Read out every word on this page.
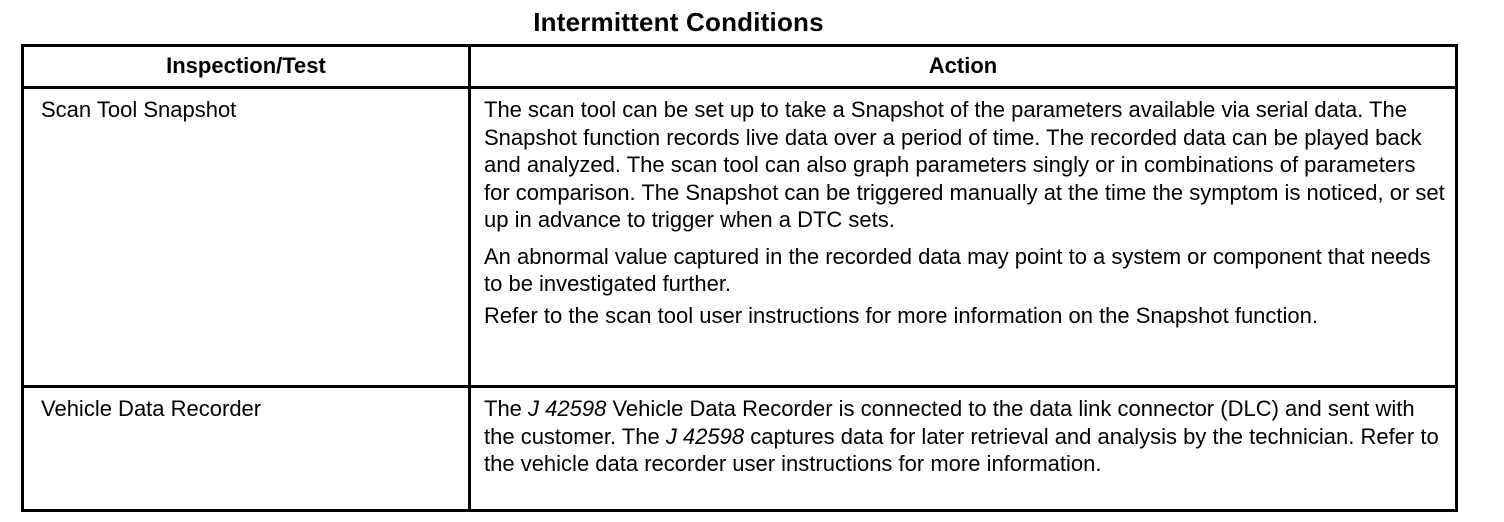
Intermittent Conditions
Inspection/Test	Action
Scan Tool Snapshot	The scan tool can be set up to take a Snapshot of the parameters available via serial data. The Snapshot function records live data over a period of time. The recorded data can be played back and analyzed. The scan tool can also graph parameters singly or in combinations of parameters for comparison. The Snapshot can be triggered manually at the time the symptom is noticed, or set up in advance to trigger when a DTC sets.

An abnormal value captured in the recorded data may point to a system or component that needs to be investigated further.

Refer to the scan tool user instructions for more information on the Snapshot function.

Vehicle Data Recorder	The J 42598 Vehicle Data Recorder is connected to the data link connector (DLC) and sent with the customer. The J 42598 captures data for later retrieval and analysis by the technician. Refer to the vehicle data recorder user instructions for more information.
